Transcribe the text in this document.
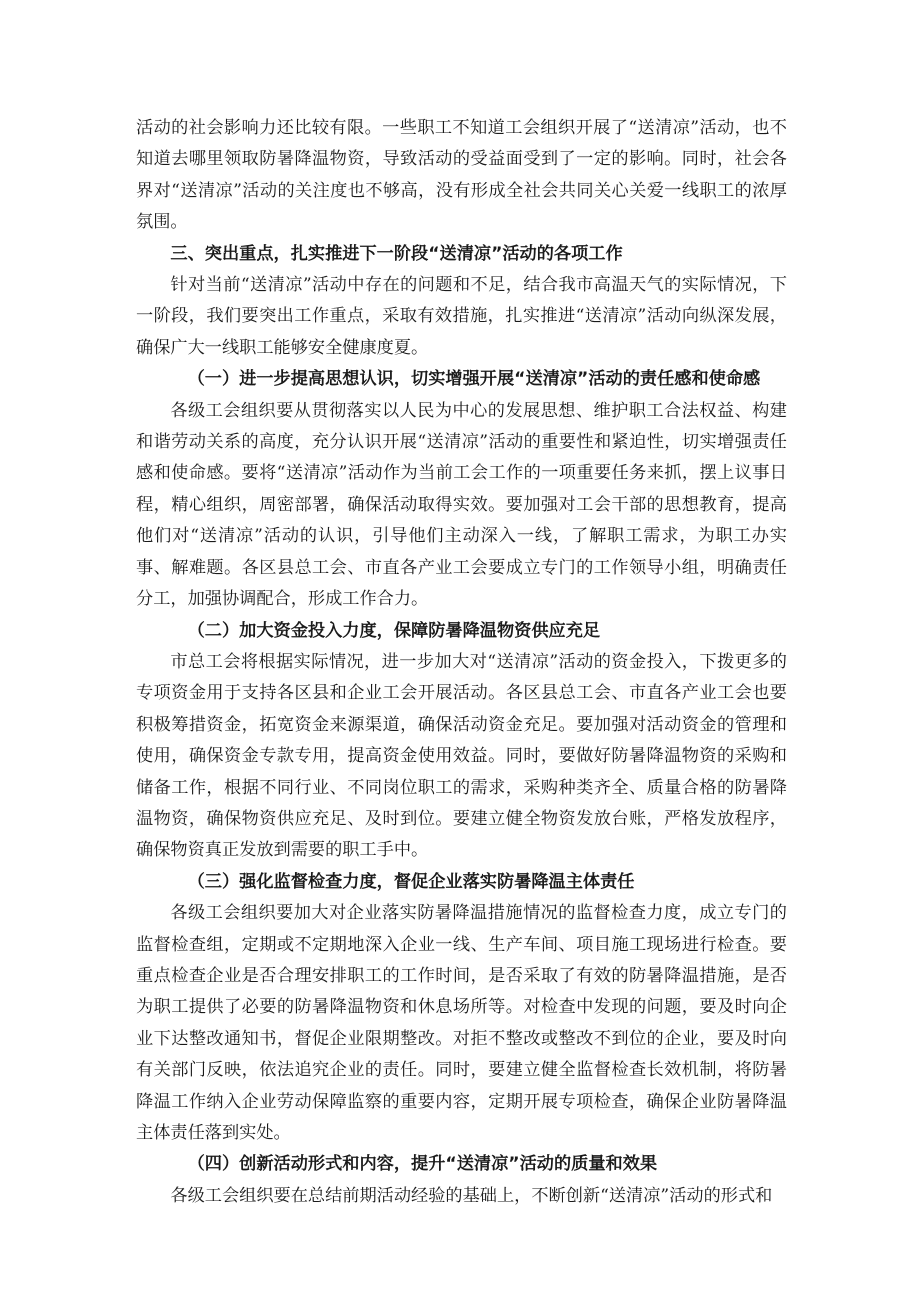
活动的社会影响力还比较有限。一些职工不知道工会组织开展了“送清凉”活动，也不知道去哪里领取防暑降温物资，导致活动的受益面受到了一定的影响。同时，社会各界对“送清凉”活动的关注度也不够高，没有形成全社会共同关心关爱一线职工的浓厚氛围。

三、突出重点，扎实推进下一阶段“送清凉”活动的各项工作

针对当前“送清凉”活动中存在的问题和不足，结合我市高温天气的实际情况，下一阶段，我们要突出工作重点，采取有效措施，扎实推进“送清凉”活动向纵深发展，确保广大一线职工能够安全健康度夏。

（一）进一步提高思想认识，切实增强开展“送清凉”活动的责任感和使命感

各级工会组织要从贯彻落实以人民为中心的发展思想、维护职工合法权益、构建和谐劳动关系的高度，充分认识开展“送清凉”活动的重要性和紧迫性，切实增强责任感和使命感。要将“送清凉”活动作为当前工会工作的一项重要任务来抓，摆上议事日程，精心组织，周密部署，确保活动取得实效。要加强对工会干部的思想教育，提高他们对“送清凉”活动的认识，引导他们主动深入一线，了解职工需求，为职工办实事、解难题。各区县总工会、市直各产业工会要成立专门的工作领导小组，明确责任分工，加强协调配合，形成工作合力。

（二）加大资金投入力度，保障防暑降温物资供应充足

市总工会将根据实际情况，进一步加大对“送清凉”活动的资金投入，下拨更多的专项资金用于支持各区县和企业工会开展活动。各区县总工会、市直各产业工会也要积极筹措资金，拓宽资金来源渠道，确保活动资金充足。要加强对活动资金的管理和使用，确保资金专款专用，提高资金使用效益。同时，要做好防暑降温物资的采购和储备工作，根据不同行业、不同岗位职工的需求，采购种类齐全、质量合格的防暑降温物资，确保物资供应充足、及时到位。要建立健全物资发放台账，严格发放程序，确保物资真正发放到需要的职工手中。

（三）强化监督检查力度，督促企业落实防暑降温主体责任

各级工会组织要加大对企业落实防暑降温措施情况的监督检查力度，成立专门的监督检查组，定期或不定期地深入企业一线、生产车间、项目施工现场进行检查。要重点检查企业是否合理安排职工的工作时间，是否采取了有效的防暑降温措施，是否为职工提供了必要的防暑降温物资和休息场所等。对检查中发现的问题，要及时向企业下达整改通知书，督促企业限期整改。对拒不整改或整改不到位的企业，要及时向有关部门反映，依法追究企业的责任。同时，要建立健全监督检查长效机制，将防暑降温工作纳入企业劳动保障监察的重要内容，定期开展专项检查，确保企业防暑降温主体责任落到实处。

（四）创新活动形式和内容，提升“送清凉”活动的质量和效果

各级工会组织要在总结前期活动经验的基础上，不断创新“送清凉”活动的形式和
